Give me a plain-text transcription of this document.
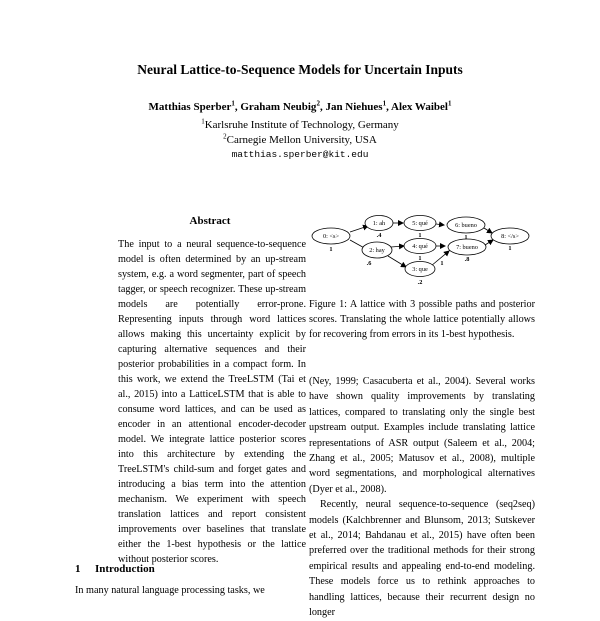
Neural Lattice-to-Sequence Models for Uncertain Inputs
Matthias Sperber$^1$, Graham Neubig$^2$, Jan Niehues$^1$, Alex Waibel$^1$
$^1$Karlsruhe Institute of Technology, Germany
$^2$Carnegie Mellon University, USA
matthias.sperber@kit.edu
Abstract

The input to a neural sequence-to-sequence model is often determined by an up-stream system, e.g. a word segmenter, part of speech tagger, or speech recognizer. These up-stream models are potentially error-prone. Representing inputs through word lattices allows making this uncertainty explicit by capturing alternative sequences and their posterior probabilities in a compact form. In this work, we extend the TreeLSTM (Tai et al., 2015) into a LatticeLSTM that is able to consume word lattices, and can be used as encoder in an attentional encoder-decoder model. We integrate lattice posterior scores into this architecture by extending the TreeLSTM's child-sum and forget gates and introducing a bias term into the attention mechanism. We experiment with speech translation lattices and report consistent improvements over baselines that translate either the 1-best hypothesis or the lattice without posterior scores.

1 Introduction

In many natural language processing tasks, we

0: <s>
1: ah
2: hay
5: qué
4: qué
3: que
6: bueno
7: bueno
8: </s>
1
.4	1	1
1
.6
1	.8
1
.2

Figure 1: A lattice with 3 possible paths and posterior scores. Translating the whole lattice potentially allows for recovering from errors in its 1-best hypothesis.

(Ney, 1999; Casacuberta et al., 2004). Several works have shown quality improvements by translating lattices, compared to translating only the single best upstream output. Examples include translating lattice representations of ASR output (Saleem et al., 2004; Zhang et al., 2005; Matusov et al., 2008), multiple word segmentations, and morphological alternatives (Dyer et al., 2008).

Recently, neural sequence-to-sequence (seq2seq) models (Kalchbrenner and Blunsom, 2013; Sutskever et al., 2014; Bahdanau et al., 2015) have often been preferred over the traditional methods for their strong empirical results and appealing end-to-end modeling. These models force us to rethink approaches to handling lattices, because their recurrent design no longer
